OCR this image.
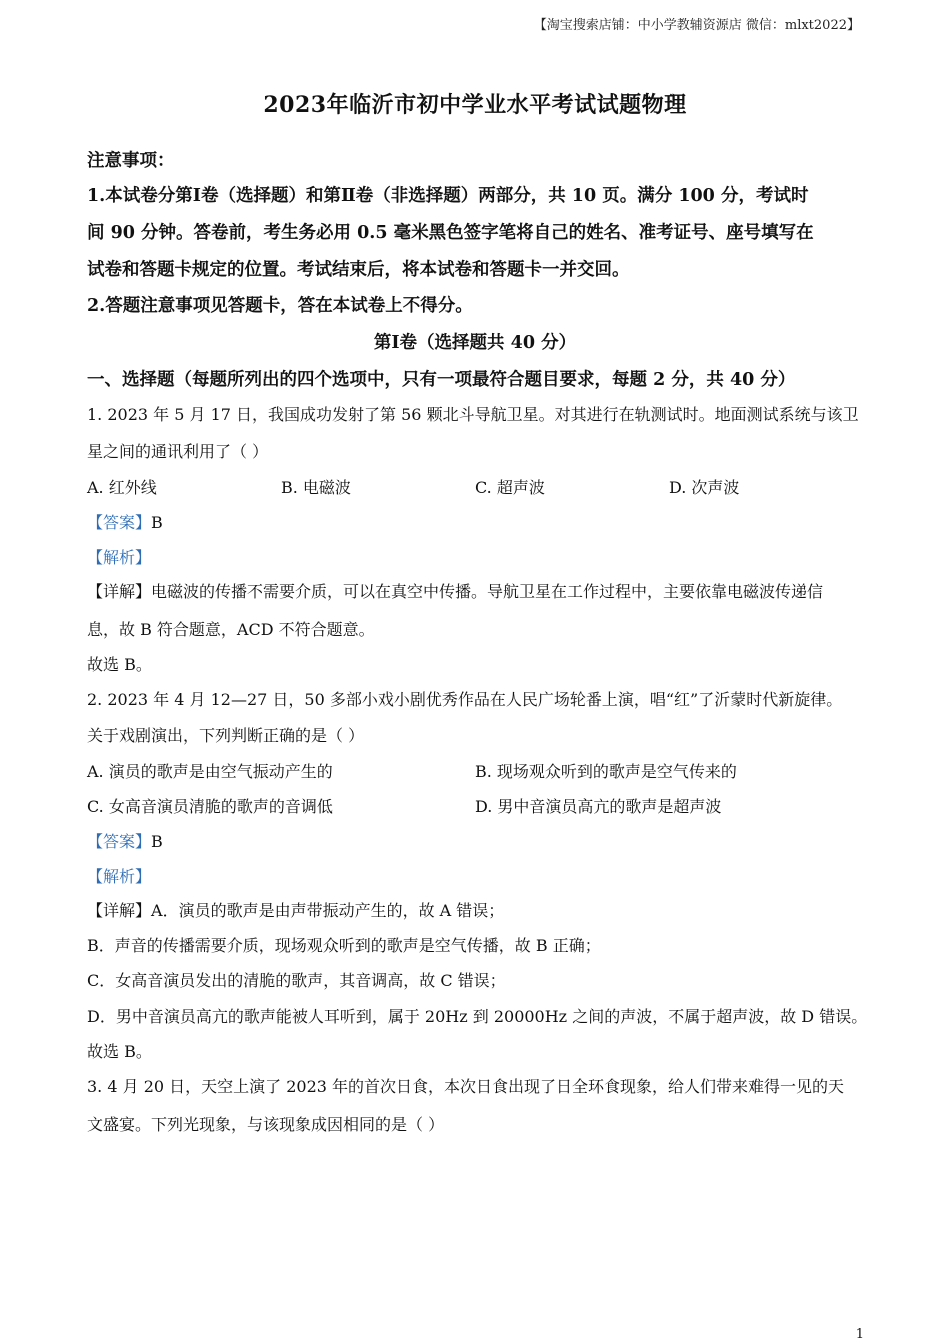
【淘宝搜索店铺：中小学教辅资源店 微信：mlxt2022】
2023年临沂市初中学业水平考试试题物理
注意事项：
1.本试卷分第Ⅰ卷（选择题）和第Ⅱ卷（非选择题）两部分，共 10 页。满分 100 分，考试时
间 90 分钟。答卷前，考生务必用 0.5 毫米黑色签字笔将自己的姓名、准考证号、座号填写在
试卷和答题卡规定的位置。考试结束后，将本试卷和答题卡一并交回。
2.答题注意事项见答题卡，答在本试卷上不得分。
第Ⅰ卷（选择题共 40 分）
一、选择题（每题所列出的四个选项中，只有一项最符合题目要求，每题 2 分，共 40 分）
1. 2023 年 5 月 17 日，我国成功发射了第 56 颗北斗导航卫星。对其进行在轨测试时。地面测试系统与该卫
星之间的通讯利用了（ ）
A. 红外线	B. 电磁波	C. 超声波	D. 次声波
【答案】B
【解析】
【详解】电磁波的传播不需要介质，可以在真空中传播。导航卫星在工作过程中，主要依靠电磁波传递信
息，故 B 符合题意，ACD 不符合题意。
故选 B。
2. 2023 年 4 月 12—27 日，50 多部小戏小剧优秀作品在人民广场轮番上演，唱“红”了沂蒙时代新旋律。
关于戏剧演出，下列判断正确的是（ ）
A. 演员的歌声是由空气振动产生的	B. 现场观众听到的歌声是空气传来的
C. 女高音演员清脆的歌声的音调低	D. 男中音演员高亢的歌声是超声波
【答案】B
【解析】
【详解】A．演员的歌声是由声带振动产生的，故 A 错误；
B．声音的传播需要介质，现场观众听到的歌声是空气传播，故 B 正确；
C．女高音演员发出的清脆的歌声，其音调高，故 C 错误；
D．男中音演员高亢的歌声能被人耳听到，属于 20Hz 到 20000Hz 之间的声波，不属于超声波，故 D 错误。
故选 B。
3. 4 月 20 日，天空上演了 2023 年的首次日食，本次日食出现了日全环食现象，给人们带来难得一见的天
文盛宴。下列光现象，与该现象成因相同的是（ ）
1
